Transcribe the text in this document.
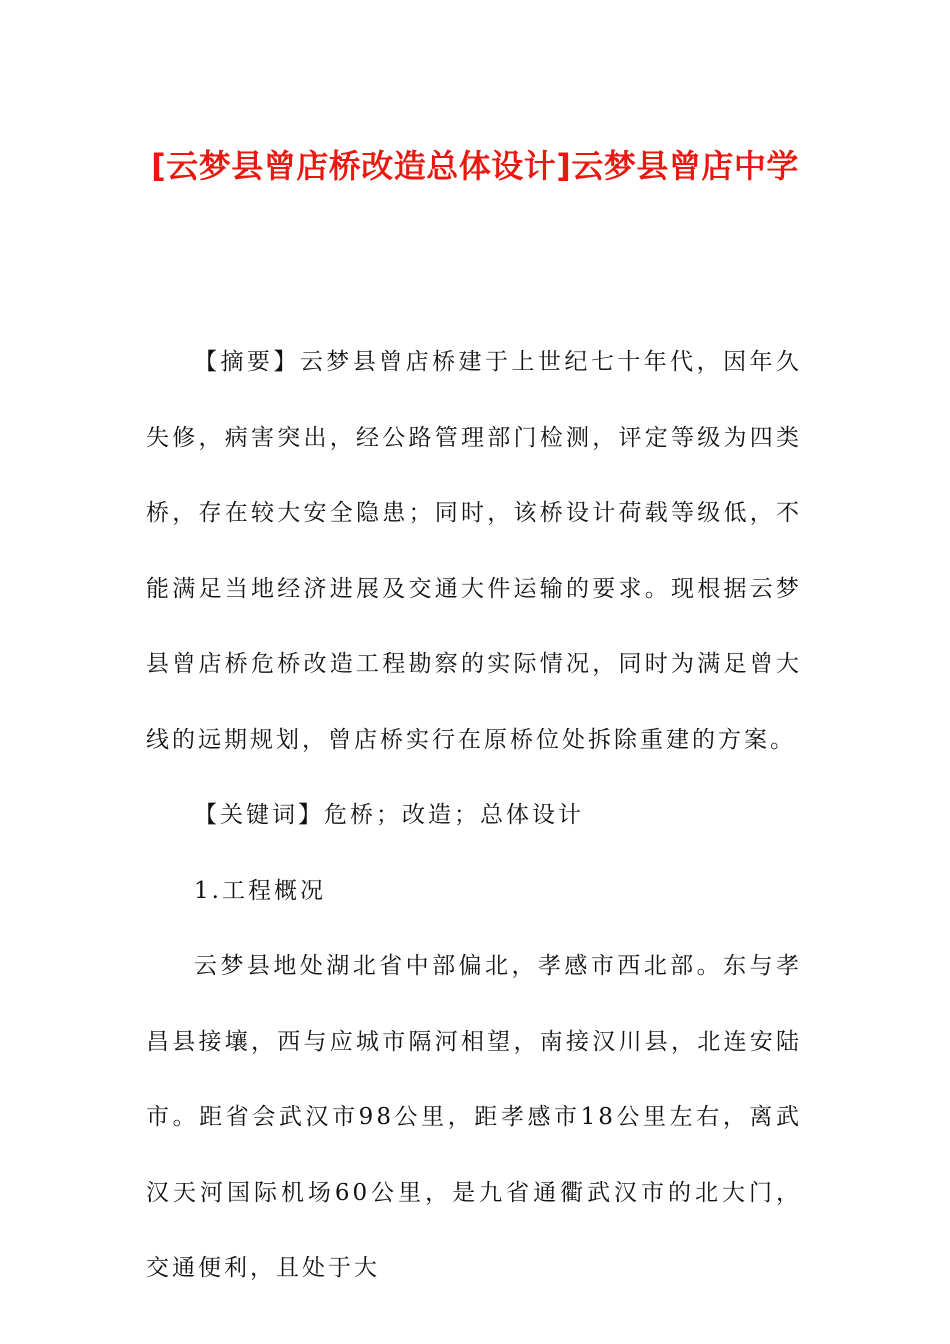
[云梦县曾店桥改造总体设计]云梦县曾店中学

【摘要】云梦县曾店桥建于上世纪七十年代，因年久失修，病害突出，经公路管理部门检测，评定等级为四类桥，存在较大安全隐患；同时，该桥设计荷载等级低，不能满足当地经济进展及交通大件运输的要求。现根据云梦县曾店桥危桥改造工程勘察的实际情况，同时为满足曾大线的远期规划，曾店桥实行在原桥位处拆除重建的方案。

【关键词】危桥；改造；总体设计

1.工程概况

云梦县地处湖北省中部偏北，孝感市西北部。东与孝昌县接壤，西与应城市隔河相望，南接汉川县，北连安陆市。距省会武汉市98公里，距孝感市18公里左右，离武汉天河国际机场60公里，是九省通衢武汉市的北大门，交通便利，且处于大
